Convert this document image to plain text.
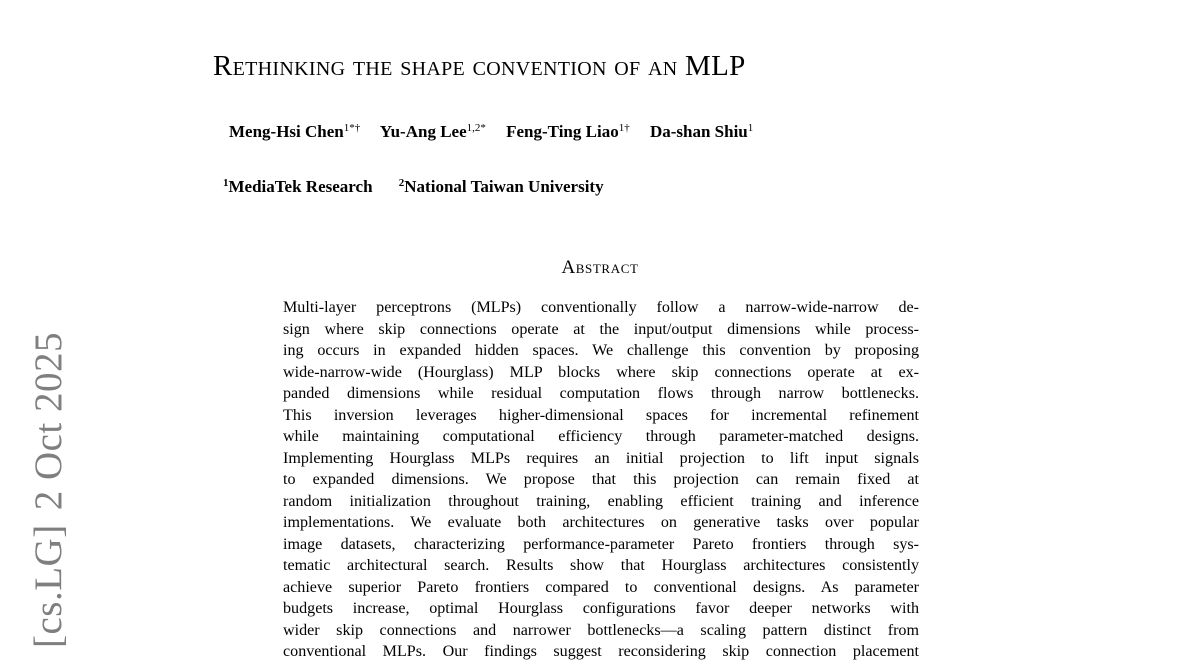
Rethinking the shape convention of an MLP
Meng-Hsi Chen$^{1*\dagger}$ Yu-Ang Lee$^{1,2*}$ Feng-Ting Liao$^{1\dagger}$ Da-shan Shiu$^1$
$^1$MediaTek Research $^2$National Taiwan University
Abstract
Multi-layer perceptrons (MLPs) conventionally follow a narrow-wide-narrow de-
sign where skip connections operate at the input/output dimensions while process-
ing occurs in expanded hidden spaces. We challenge this convention by proposing
wide-narrow-wide (Hourglass) MLP blocks where skip connections operate at ex-
panded dimensions while residual computation flows through narrow bottlenecks.
This inversion leverages higher-dimensional spaces for incremental refinement
while maintaining computational efficiency through parameter-matched designs.
Implementing Hourglass MLPs requires an initial projection to lift input signals
to expanded dimensions. We propose that this projection can remain fixed at
random initialization throughout training, enabling efficient training and inference
implementations. We evaluate both architectures on generative tasks over popular
image datasets, characterizing performance-parameter Pareto frontiers through sys-
tematic architectural search. Results show that Hourglass architectures consistently
achieve superior Pareto frontiers compared to conventional designs. As parameter
budgets increase, optimal Hourglass configurations favor deeper networks with
wider skip connections and narrower bottlenecks—a scaling pattern distinct from
conventional MLPs. Our findings suggest reconsidering skip connection placement
[cs.LG]2 Oct 2025
